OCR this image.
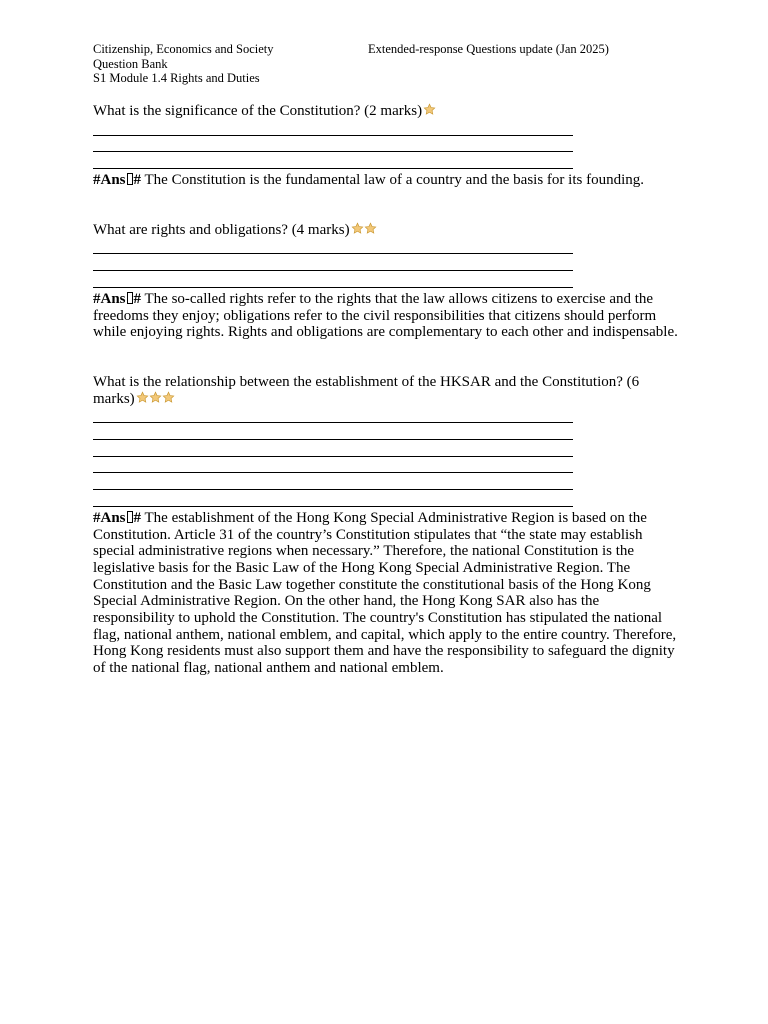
Citizenship, Economics and Society
Question Bank
S1 Module 1.4 Rights and Duties
Extended-response Questions update (Jan 2025)

What is the significance of the Constitution? (2 marks)

#Ans # The Constitution is the fundamental law of a country and the basis for its founding.

What are rights and obligations? (4 marks)

#Ans # The so-called rights refer to the rights that the law allows citizens to exercise and the freedoms they enjoy; obligations refer to the civil responsibilities that citizens should perform while enjoying rights. Rights and obligations are complementary to each other and indispensable.

What is the relationship between the establishment of the HKSAR and the Constitution? (6 marks)

#Ans # The establishment of the Hong Kong Special Administrative Region is based on the Constitution. Article 31 of the country’s Constitution stipulates that “the state may establish special administrative regions when necessary.” Therefore, the national Constitution is the legislative basis for the Basic Law of the Hong Kong Special Administrative Region. The Constitution and the Basic Law together constitute the constitutional basis of the Hong Kong Special Administrative Region. On the other hand, the Hong Kong SAR also has the responsibility to uphold the Constitution. The country's Constitution has stipulated the national flag, national anthem, national emblem, and capital, which apply to the entire country. Therefore, Hong Kong residents must also support them and have the responsibility to safeguard the dignity of the national flag, national anthem and national emblem.
